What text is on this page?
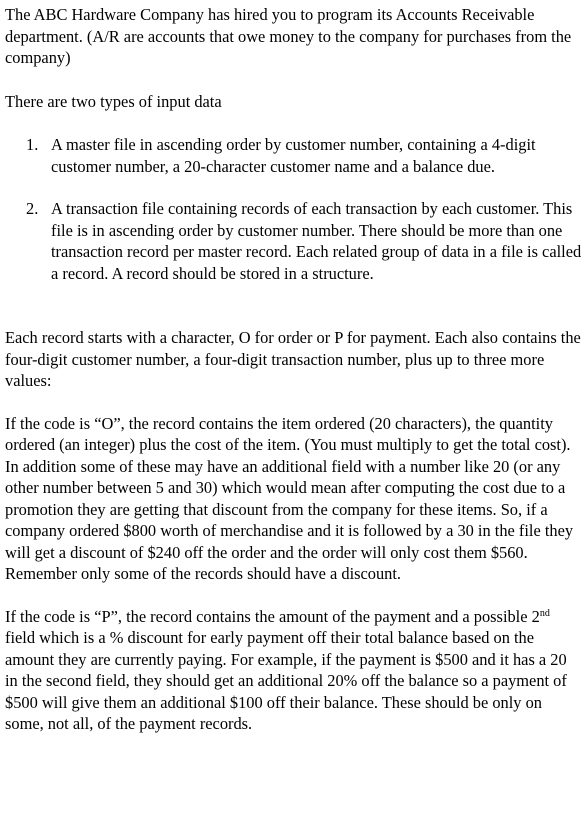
The ABC Hardware Company has hired you to program its Accounts Receivable department. (A/R are accounts that owe money to the company for purchases from the company)

There are two types of input data

1. A master file in ascending order by customer number, containing a 4-digit customer number, a 20-character customer name and a balance due.
2. A transaction file containing records of each transaction by each customer. This file is in ascending order by customer number. There should be more than one transaction record per master record. Each related group of data in a file is called a record. A record should be stored in a structure.

Each record starts with a character, O for order or P for payment. Each also contains the four-digit customer number, a four-digit transaction number, plus up to three more values:

If the code is “O”, the record contains the item ordered (20 characters), the quantity ordered (an integer) plus the cost of the item. (You must multiply to get the total cost). In addition some of these may have an additional field with a number like 20 (or any other number between 5 and 30) which would mean after computing the cost due to a promotion they are getting that discount from the company for these items. So, if a company ordered $800 worth of merchandise and it is followed by a 30 in the file they will get a discount of $240 off the order and the order will only cost them $560. Remember only some of the records should have a discount.

If the code is “P”, the record contains the amount of the payment and a possible 2nd field which is a % discount for early payment off their total balance based on the amount they are currently paying. For example, if the payment is $500 and it has a 20 in the second field, they should get an additional 20% off the balance so a payment of $500 will give them an additional $100 off their balance. These should be only on some, not all, of the payment records.
